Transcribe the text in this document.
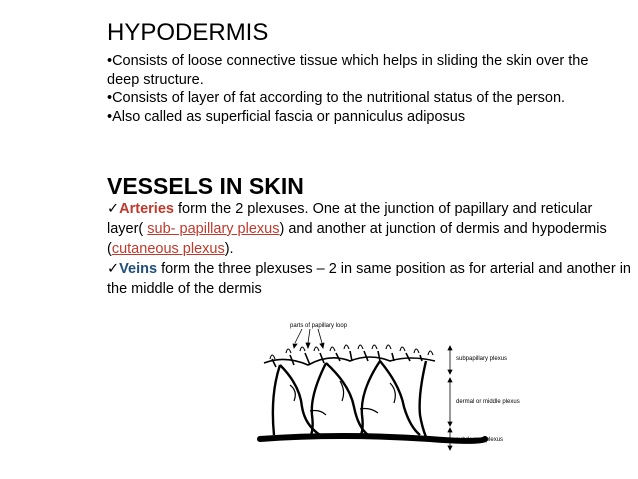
HYPODERMIS

•Consists of loose connective tissue which helps in sliding the skin over the deep structure.

•Consists of layer of fat according to the nutritional status of the person.

•Also called as superficial fascia or panniculus adiposus

VESSELS IN SKIN

✓Arteries form the 2 plexuses. One at the junction of papillary and reticular layer( sub- papillary plexus) and another at junction of dermis and hypodermis (cutaneous plexus).

✓Veins form the three plexuses – 2 in same position as for arterial and another in the middle of the dermis

parts of papillary loop
subpapillary plexus
dermal or middle plexus
subdermal plexus
